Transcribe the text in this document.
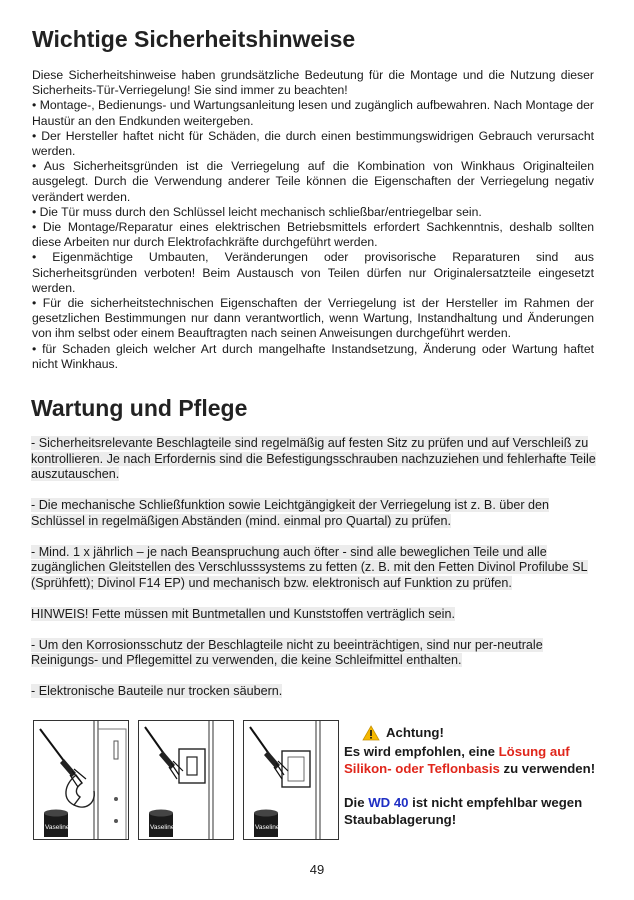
Wichtige Sicherheitshinweise

Diese Sicherheitshinweise haben grundsätzliche Bedeutung für die Montage und die Nutzung dieser Sicherheits-Tür-Verriegelung! Sie sind immer zu beachten!

• Montage-, Bedienungs- und Wartungsanleitung lesen und zugänglich aufbewahren. Nach Montage der Haustür an den Endkunden weitergeben.

• Der Hersteller haftet nicht für Schäden, die durch einen bestimmungswidrigen Gebrauch verursacht werden.

• Aus Sicherheitsgründen ist die Verriegelung auf die Kombination von Winkhaus Originalteilen ausgelegt. Durch die Verwendung anderer Teile können die Eigenschaften der Verriegelung negativ verändert werden.

• Die Tür muss durch den Schlüssel leicht mechanisch schließbar/entriegelbar sein.

• Die Montage/Reparatur eines elektrischen Betriebsmittels erfordert Sachkenntnis, deshalb sollten diese Arbeiten nur durch Elektrofachkräfte durchgeführt werden.

• Eigenmächtige Umbauten, Veränderungen oder provisorische Reparaturen sind aus Sicherheitsgründen verboten! Beim Austausch von Teilen dürfen nur Originalersatzteile eingesetzt werden.

• Für die sicherheitstechnischen Eigenschaften der Verriegelung ist der Hersteller im Rahmen der gesetzlichen Bestimmungen nur dann verantwortlich, wenn Wartung, Instandhaltung und Änderungen von ihm selbst oder einem Beauftragten nach seinen Anweisungen durchgeführt werden.

• für Schaden gleich welcher Art durch mangelhafte Instandsetzung, Änderung oder Wartung haftet nicht Winkhaus.

Wartung und Pflege

- Sicherheitsrelevante Beschlagteile sind regelmäßig auf festen Sitz zu prüfen und auf Verschleiß zu kontrollieren. Je nach Erfordernis sind die Befestigungsschrauben nachzuziehen und fehlerhafte Teile auszutauschen.

- Die mechanische Schließfunktion sowie Leichtgängigkeit der Verriegelung ist z. B. über den Schlüssel in regelmäßigen Abständen (mind. einmal pro Quartal) zu prüfen.

- Mind. 1 x jährlich – je nach Beanspruchung auch öfter - sind alle beweglichen Teile und alle zugänglichen Gleitstellen des Verschlusssystems zu fetten (z. B. mit den Fetten Divinol Profilube SL (Sprühfett); Divinol F14 EP) und mechanisch bzw. elektronisch auf Funktion zu prüfen.

HINWEIS! Fette müssen mit Buntmetallen und Kunststoffen verträglich sein.

- Um den Korrosionsschutz der Beschlagteile nicht zu beeinträchtigen, sind nur per-neutrale Reinigungs- und Pflegemittel zu verwenden, die keine Schleifmittel enthalten.

- Elektronische Bauteile nur trocken säubern.

Vaseline	Vaseline	Vaseline
Achtung!

Es wird empfohlen, eine Lösung auf Silikon- oder Teflonbasis zu verwenden!

Die WD 40 ist nicht empfehlbar wegen Staubablagerung!

49
